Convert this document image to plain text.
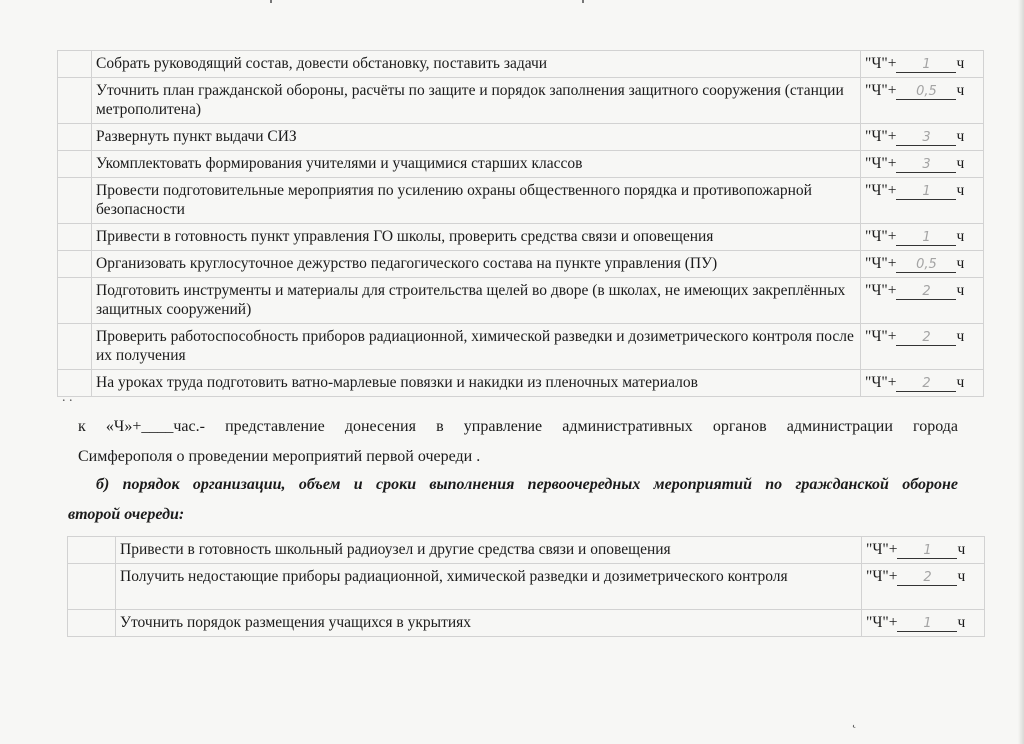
	Собрать руководящий состав, довести обстановку, поставить задачи	"Ч"+ 1 ч
	Уточнить план гражданской обороны, расчёты по защите и порядок заполнения защитного сооружения (станции метрополитена)	"Ч"+ 0,5 ч
	Развернуть пункт выдачи СИЗ	"Ч"+ 3 ч
	Укомплектовать формирования учителями и учащимися старших классов	"Ч"+ 3 ч
	Провести подготовительные мероприятия по усилению охраны общественного порядка и противопожарной безопасности	"Ч"+ 1 ч
	Привести в готовность пункт управления ГО школы, проверить средства связи и оповещения	"Ч"+ 1 ч
	Организовать круглосуточное дежурство педагогического состава на пункте управления (ПУ)	"Ч"+ 0,5 ч
	Подготовить инструменты и материалы для строительства щелей во дворе (в школах, не имеющих закреплённых защитных сооружений)	"Ч"+ 2 ч
	Проверить работоспособность приборов радиационной, химической разведки и дозиметрического контроля после их получения	"Ч"+ 2 ч
	На уроках труда подготовить ватно-марлевые повязки и накидки из пленочных материалов	"Ч"+ 2 ч
. .
к «Ч»+____час.- представление донесения в управление административных органов администрации города
Симферополя о проведении мероприятий первой очереди .
б) порядок организации, объем и сроки выполнения первоочередных мероприятий по гражданской обороне
второй очереди:
	Привести в готовность школьный радиоузел и другие средства связи и оповещения	"Ч"+ 1 ч
	Получить недостающие приборы радиационной, химической разведки и дозиметрического контроля	"Ч"+ 2 ч
	Уточнить порядок размещения учащихся в укрытиях	"Ч"+ 1 ч
˛
